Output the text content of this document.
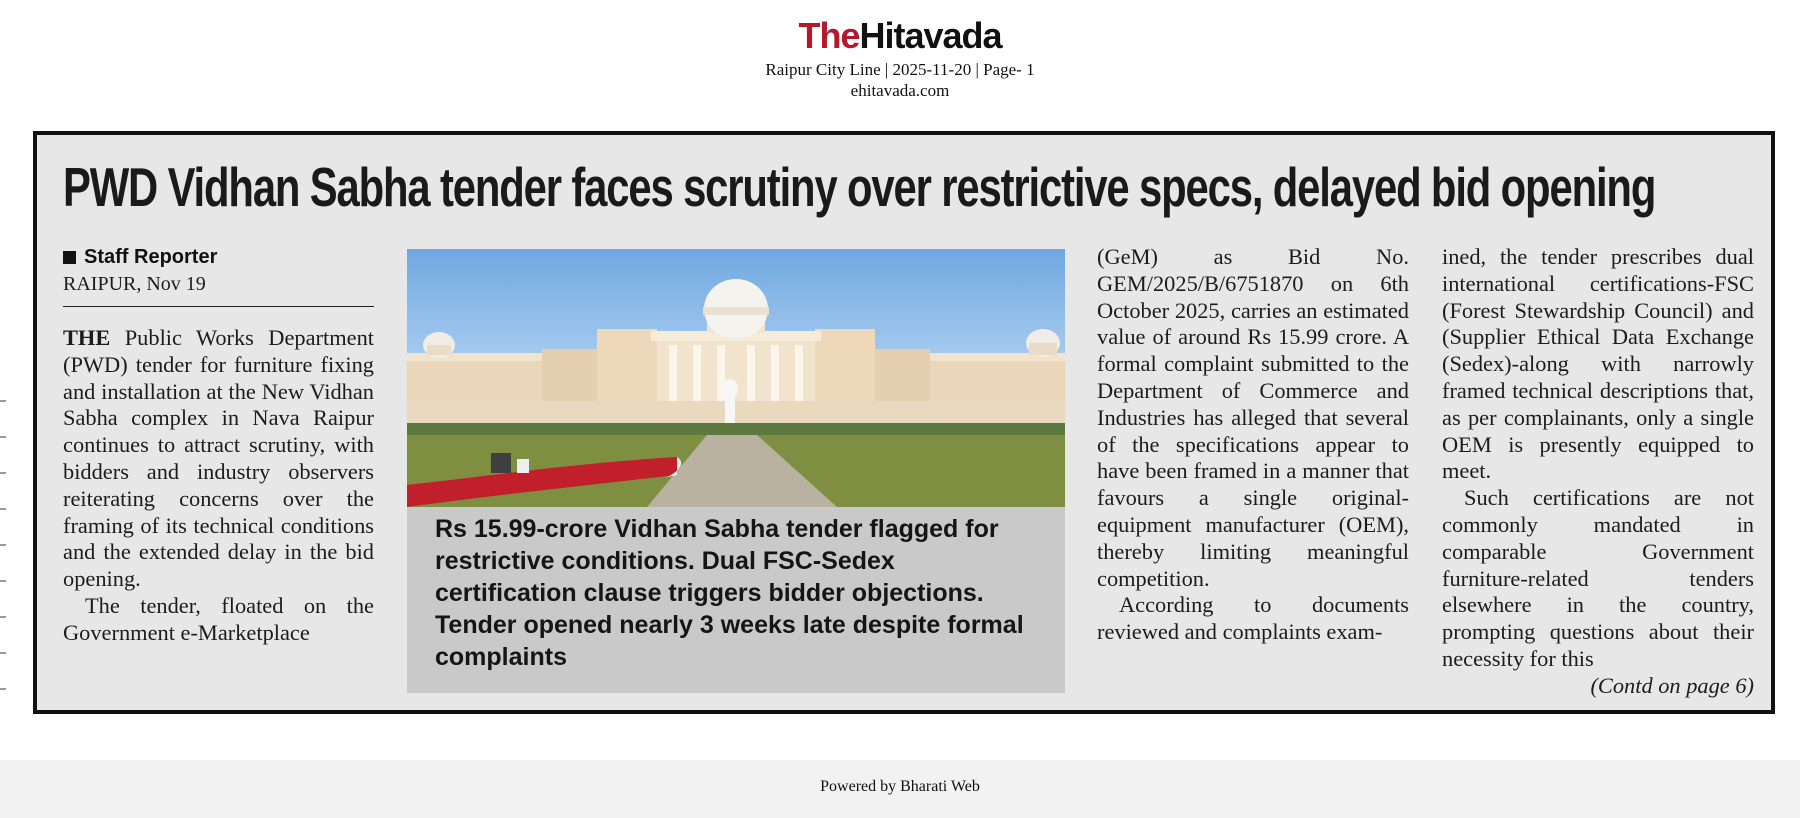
TheHitavada
Raipur City Line | 2025-11-20 | Page- 1
ehitavada.com
PWD Vidhan Sabha tender faces scrutiny over restrictive specs, delayed bid opening
Staff Reporter
RAIPUR, Nov 19

THE Public Works Department (PWD) tender for furniture fixing and installation at the New Vidhan Sabha complex in Nava Raipur continues to attract scrutiny, with bidders and industry observers reiterating concerns over the framing of its technical conditions and the extended delay in the bid opening.

The tender, floated on the Government e-Marketplace

Rs 15.99-crore Vidhan Sabha tender flagged for restrictive conditions. Dual FSC-Sedex certification clause triggers bidder objections. Tender opened nearly 3 weeks late despite formal complaints

(GeM) as Bid No. GEM/2025/B/6751870 on 6th October 2025, carries an estimated value of around Rs 15.99 crore. A formal complaint submitted to the Department of Commerce and Industries has alleged that several of the specifications appear to have been framed in a manner that favours a single original-equipment manufacturer (OEM), thereby limiting meaningful competition.

According to documents reviewed and complaints exam-

ined, the tender prescribes dual international certifications-FSC (Forest Stewardship Council) and (Supplier Ethical Data Exchange (Sedex)-along with narrowly framed technical descriptions that, as per complainants, only a single OEM is presently equipped to meet.

Such certifications are not commonly mandated in comparable Government furniture-related tenders elsewhere in the country, prompting questions about their necessity for this

(Contd on page 6)

Powered by Bharati Web
